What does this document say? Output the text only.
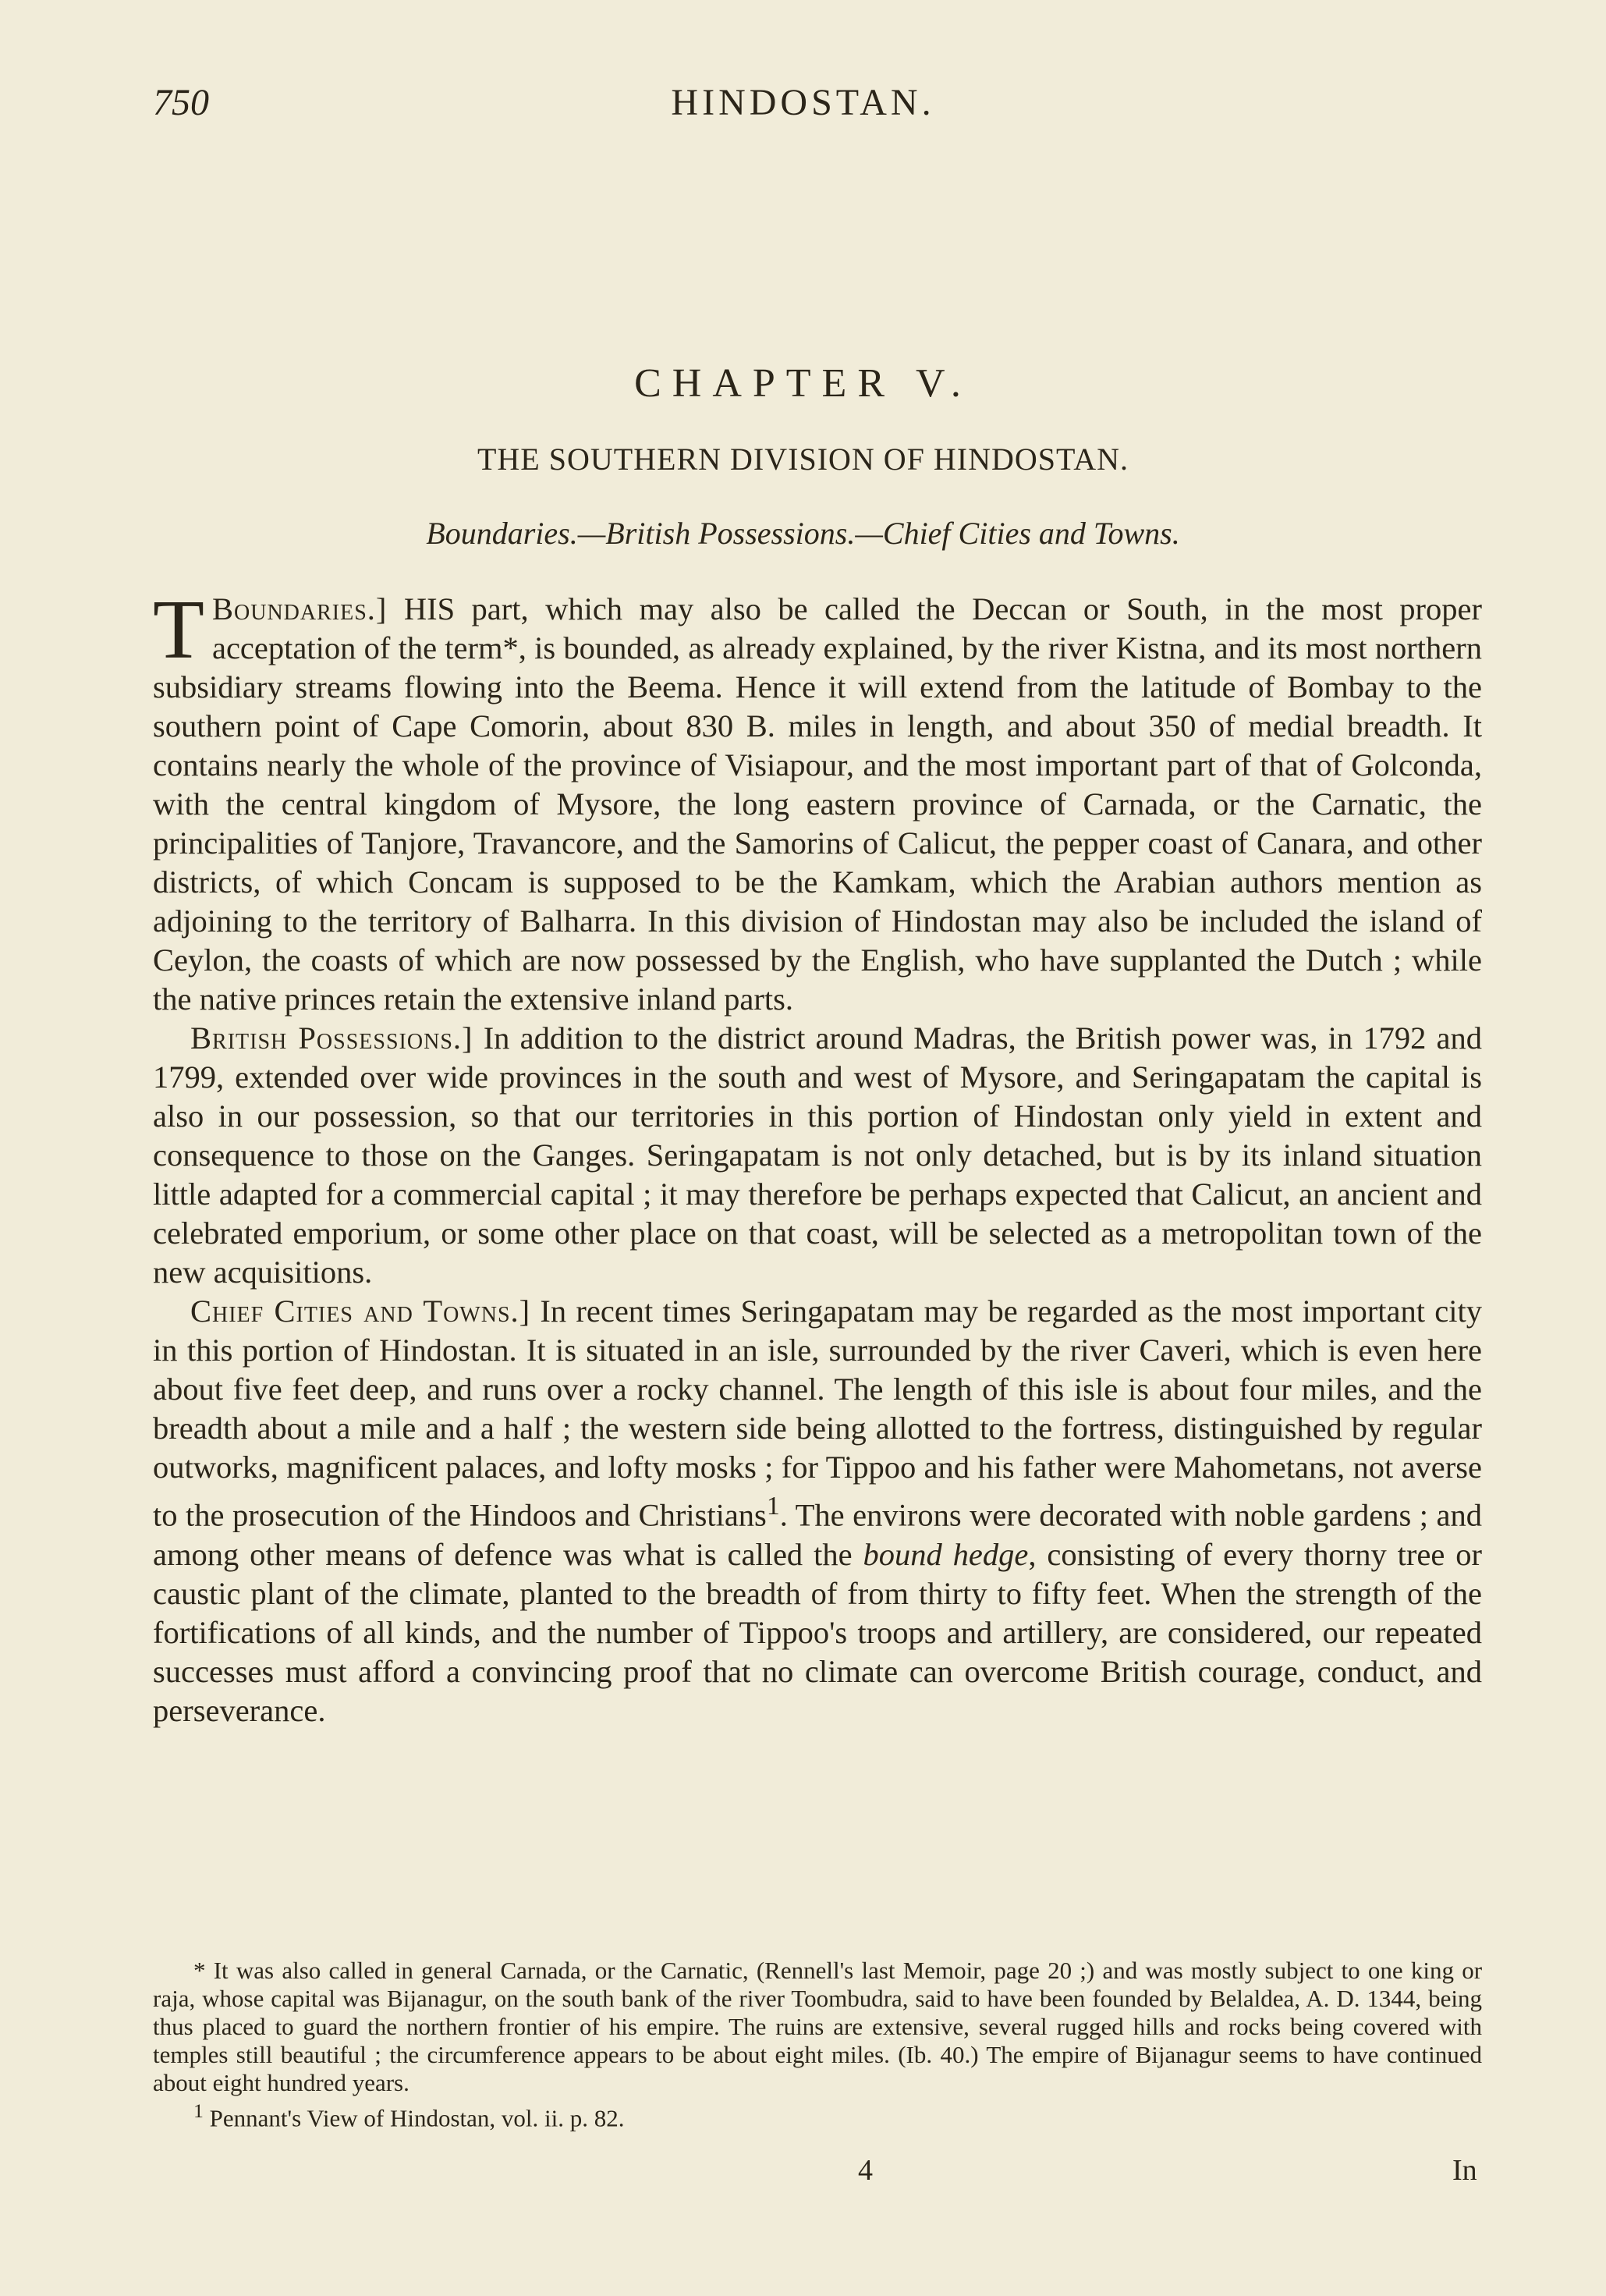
750	HINDOSTAN.
CHAPTER V.
THE SOUTHERN DIVISION OF HINDOSTAN.
Boundaries.—British Possessions.—Chief Cities and Towns.

Boundaries.]
T	HIS part, which may also be called the Deccan or South, in the most proper acceptation of the term*, is bounded, as already explained, by the river Kistna, and its most northern subsidiary streams flowing into the Beema. Hence it will extend from the latitude of Bombay to the southern point of Cape Comorin, about 830 B. miles in length, and about 350 of medial breadth. It contains nearly the whole of the province of Visiapour, and the most important part of that of Golconda, with the central kingdom of Mysore, the long eastern province of Carnada, or the Carnatic, the principalities of Tanjore, Travancore, and the Samorins of Calicut, the pepper coast of Canara, and other districts, of which Concam is supposed to be the Kamkam, which the Arabian authors mention as adjoining to the territory of Balharra. In this division of Hindostan may also be included the island of Ceylon, the coasts of which are now possessed by the English, who have supplanted the Dutch ; while the native princes retain the extensive inland parts.

British Possessions.] In addition to the district around Madras, the British power was, in 1792 and 1799, extended over wide provinces in the south and west of Mysore, and Seringapatam the capital is also in our possession, so that our territories in this portion of Hindostan only yield in extent and consequence to those on the Ganges. Seringapatam is not only detached, but is by its inland situation little adapted for a commercial capital ; it may therefore be perhaps expected that Calicut, an ancient and celebrated emporium, or some other place on that coast, will be selected as a metropolitan town of the new acquisitions.

Chief Cities and Towns.] In recent times Seringapatam may be regarded as the most important city in this portion of Hindostan. It is situated in an isle, surrounded by the river Caveri, which is even here about five feet deep, and runs over a rocky channel. The length of this isle is about four miles, and the breadth about a mile and a half ; the western side being allotted to the fortress, distinguished by regular outworks, magnificent palaces, and lofty mosks ; for Tippoo and his father were Mahometans, not averse to the prosecution of the Hindoos and Christians$^1$. The environs were decorated with noble gardens ; and among other means of defence was what is called the bound hedge, consisting of every thorny tree or caustic plant of the climate, planted to the breadth of from thirty to fifty feet. When the strength of the fortifications of all kinds, and the number of Tippoo's troops and artillery, are considered, our repeated successes must afford a convincing proof that no climate can overcome British courage, conduct, and perseverance.

* It was also called in general Carnada, or the Carnatic, (Rennell's last Memoir, page 20 ;) and was mostly subject to one king or raja, whose capital was Bijanagur, on the south bank of the river Toombudra, said to have been founded by Belaldea, A. D. 1344, being thus placed to guard the northern frontier of his empire. The ruins are extensive, several rugged hills and rocks being covered with temples still beautiful ; the circumference appears to be about eight miles. (Ib. 40.) The empire of Bijanagur seems to have continued about eight hundred years.

$^1$ Pennant's View of Hindostan, vol. ii. p. 82.

4	In
